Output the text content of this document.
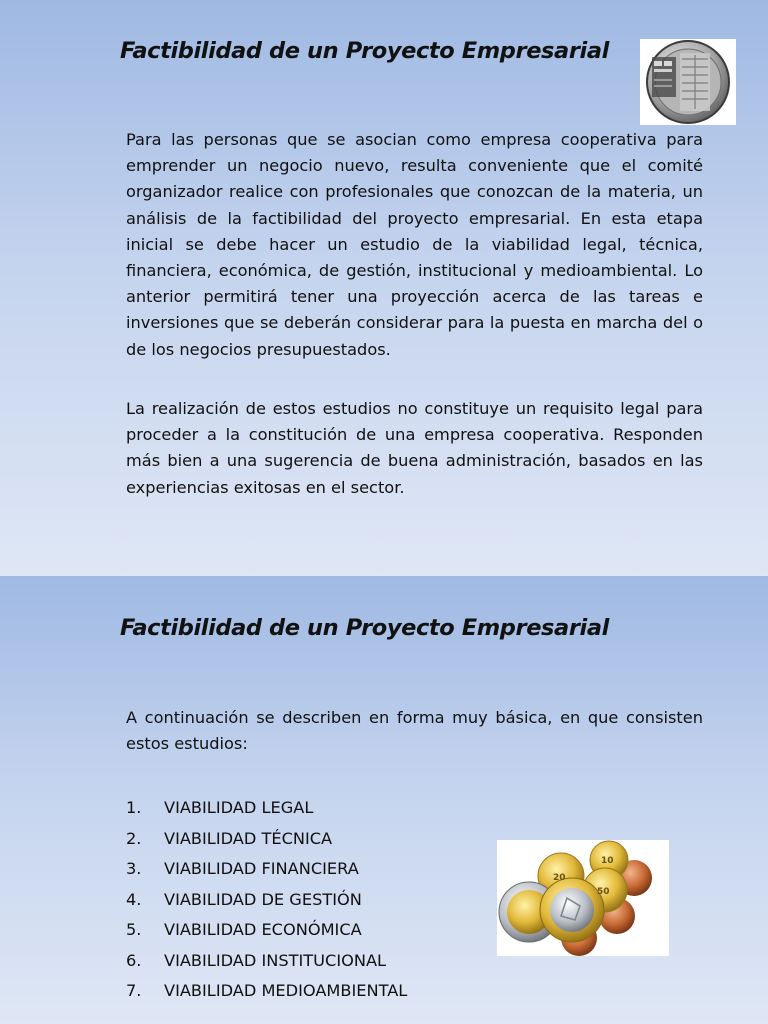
Factibilidad de un Proyecto Empresarial

Para las personas que se asocian como empresa cooperativa para emprender un negocio nuevo, resulta conveniente que el comité organizador realice con profesionales que conozcan de la materia, un análisis de la factibilidad del proyecto empresarial. En esta etapa inicial se debe hacer un estudio de la viabilidad legal, técnica, financiera, económica, de gestión, institucional y medioambiental. Lo anterior permitirá tener una proyección acerca de las tareas e inversiones que se deberán considerar para la puesta en marcha del o de los negocios presupuestados.

La realización de estos estudios no constituye un requisito legal para proceder a la constitución de una empresa cooperativa. Responden más bien a una sugerencia de buena administración, basados en las experiencias exitosas en el sector.

Factibilidad de un Proyecto Empresarial

A continuación se describen en forma muy básica, en que consisten estos estudios:

1. VIABILIDAD LEGAL
2. VIABILIDAD TÉCNICA
3. VIABILIDAD FINANCIERA
4. VIABILIDAD DE GESTIÓN
5. VIABILIDAD ECONÓMICA
6. VIABILIDAD INSTITUCIONAL
7. VIABILIDAD MEDIOAMBIENTAL
10
20
50
